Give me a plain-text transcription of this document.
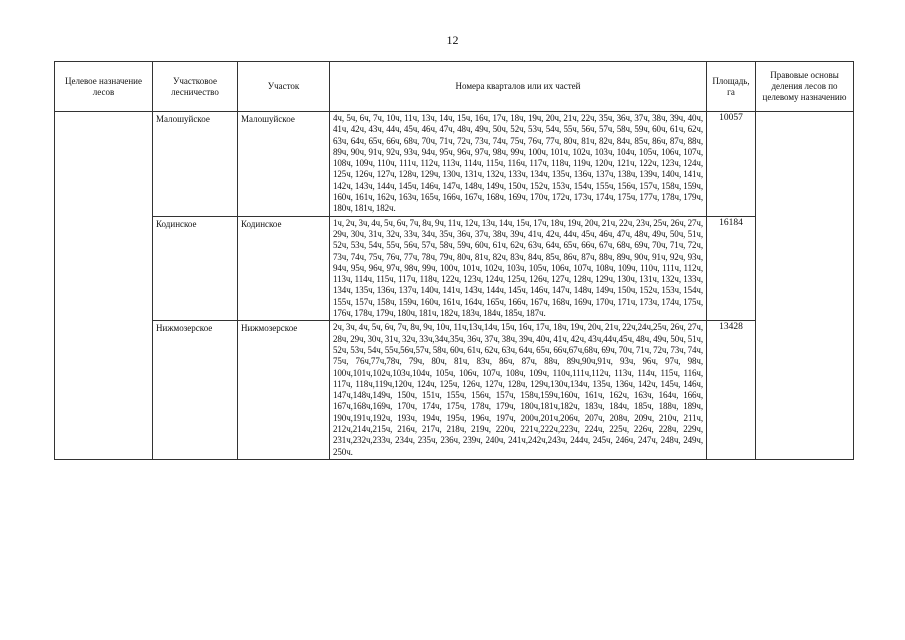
12
Целевое назначение лесов	Участковое лесничество	Участок	Номера кварталов или их частей	Площадь, га	Правовые основы деления лесов по целевому назначению
	Малошуйское	Малошуйское	4ч, 5ч, 6ч, 7ч, 10ч, 11ч, 13ч, 14ч, 15ч, 16ч, 17ч, 18ч, 19ч, 20ч, 21ч, 22ч, 35ч, 36ч, 37ч, 38ч, 39ч, 40ч, 41ч, 42ч, 43ч, 44ч, 45ч, 46ч, 47ч, 48ч, 49ч, 50ч, 52ч, 53ч, 54ч, 55ч, 56ч, 57ч, 58ч, 59ч, 60ч, 61ч, 62ч, 63ч, 64ч, 65ч, 66ч, 68ч, 70ч, 71ч, 72ч, 73ч, 74ч, 75ч, 76ч, 77ч, 80ч, 81ч, 82ч, 84ч, 85ч, 86ч, 87ч, 88ч, 89ч, 90ч, 91ч, 92ч, 93ч, 94ч, 95ч, 96ч, 97ч, 98ч, 99ч, 100ч, 101ч, 102ч, 103ч, 104ч, 105ч, 106ч, 107ч, 108ч, 109ч, 110ч, 111ч, 112ч, 113ч, 114ч, 115ч, 116ч, 117ч, 118ч, 119ч, 120ч, 121ч, 122ч, 123ч, 124ч, 125ч, 126ч, 127ч, 128ч, 129ч, 130ч, 131ч, 132ч, 133ч, 134ч, 135ч, 136ч, 137ч, 138ч, 139ч, 140ч, 141ч, 142ч, 143ч, 144ч, 145ч, 146ч, 147ч, 148ч, 149ч, 150ч, 152ч, 153ч, 154ч, 155ч, 156ч, 157ч, 158ч, 159ч, 160ч, 161ч, 162ч, 163ч, 165ч, 166ч, 167ч, 168ч, 169ч, 170ч, 172ч, 173ч, 174ч, 175ч, 177ч, 178ч, 179ч, 180ч, 181ч, 182ч.	10057	
	Кодинское	Кодинское	1ч, 2ч, 3ч, 4ч, 5ч, 6ч, 7ч, 8ч, 9ч, 11ч, 12ч, 13ч, 14ч, 15ч, 17ч, 18ч, 19ч, 20ч, 21ч, 22ч, 23ч, 25ч, 26ч, 27ч, 29ч, 30ч, 31ч, 32ч, 33ч, 34ч, 35ч, 36ч, 37ч, 38ч, 39ч, 41ч, 42ч, 44ч, 45ч, 46ч, 47ч, 48ч, 49ч, 50ч, 51ч, 52ч, 53ч, 54ч, 55ч, 56ч, 57ч, 58ч, 59ч, 60ч, 61ч, 62ч, 63ч, 64ч, 65ч, 66ч, 67ч, 68ч, 69ч, 70ч, 71ч, 72ч, 73ч, 74ч, 75ч, 76ч, 77ч, 78ч, 79ч, 80ч, 81ч, 82ч, 83ч, 84ч, 85ч, 86ч, 87ч, 88ч, 89ч, 90ч, 91ч, 92ч, 93ч, 94ч, 95ч, 96ч, 97ч, 98ч, 99ч, 100ч, 101ч, 102ч, 103ч, 105ч, 106ч, 107ч, 108ч, 109ч, 110ч, 111ч, 112ч, 113ч, 114ч, 115ч, 117ч, 118ч, 122ч, 123ч, 124ч, 125ч, 126ч, 127ч, 128ч, 129ч, 130ч, 131ч, 132ч, 133ч, 134ч, 135ч, 136ч, 137ч, 140ч, 141ч, 143ч, 144ч, 145ч, 146ч, 147ч, 148ч, 149ч, 150ч, 152ч, 153ч, 154ч, 155ч, 157ч, 158ч, 159ч, 160ч, 161ч, 164ч, 165ч, 166ч, 167ч, 168ч, 169ч, 170ч, 171ч, 173ч, 174ч, 175ч, 176ч, 178ч, 179ч, 180ч, 181ч, 182ч, 183ч, 184ч, 185ч, 187ч.	16184	
	Нижмозерское	Нижмозерское	2ч, 3ч, 4ч, 5ч, 6ч, 7ч, 8ч, 9ч, 10ч, 11ч,13ч,14ч, 15ч, 16ч, 17ч, 18ч, 19ч, 20ч, 21ч, 22ч,24ч,25ч, 26ч, 27ч, 28ч, 29ч, 30ч, 31ч, 32ч, 33ч,34ч,35ч, 36ч, 37ч, 38ч, 39ч, 40ч, 41ч, 42ч, 43ч,44ч,45ч, 48ч, 49ч, 50ч, 51ч, 52ч, 53ч, 54ч, 55ч,56ч,57ч, 58ч, 60ч, 61ч, 62ч, 63ч, 64ч, 65ч, 66ч,67ч,68ч, 69ч, 70ч, 71ч, 72ч, 73ч, 74ч, 75ч, 76ч,77ч,78ч, 79ч, 80ч, 81ч, 83ч, 86ч, 87ч, 88ч, 89ч,90ч,91ч, 93ч, 96ч, 97ч, 98ч, 100ч,101ч,102ч,103ч,104ч, 105ч, 106ч, 107ч, 108ч, 109ч, 110ч,111ч,112ч, 113ч, 114ч, 115ч, 116ч, 117ч, 118ч,119ч,120ч, 124ч, 125ч, 126ч, 127ч, 128ч, 129ч,130ч,134ч, 135ч, 136ч, 142ч, 145ч, 146ч, 147ч,148ч,149ч, 150ч, 151ч, 155ч, 156ч, 157ч, 158ч,159ч,160ч, 161ч, 162ч, 163ч, 164ч, 166ч, 167ч,168ч,169ч, 170ч, 174ч, 175ч, 178ч, 179ч, 180ч,181ч,182ч, 183ч, 184ч, 185ч, 188ч, 189ч, 190ч,191ч,192ч, 193ч, 194ч, 195ч, 196ч, 197ч, 200ч,201ч,206ч, 207ч, 208ч, 209ч, 210ч, 211ч, 212ч,214ч,215ч, 216ч, 217ч, 218ч, 219ч, 220ч, 221ч,222ч,223ч, 224ч, 225ч, 226ч, 228ч, 229ч, 231ч,232ч,233ч, 234ч, 235ч, 236ч, 239ч, 240ч, 241ч,242ч,243ч, 244ч, 245ч, 246ч, 247ч, 248ч, 249ч, 250ч.	13428	
